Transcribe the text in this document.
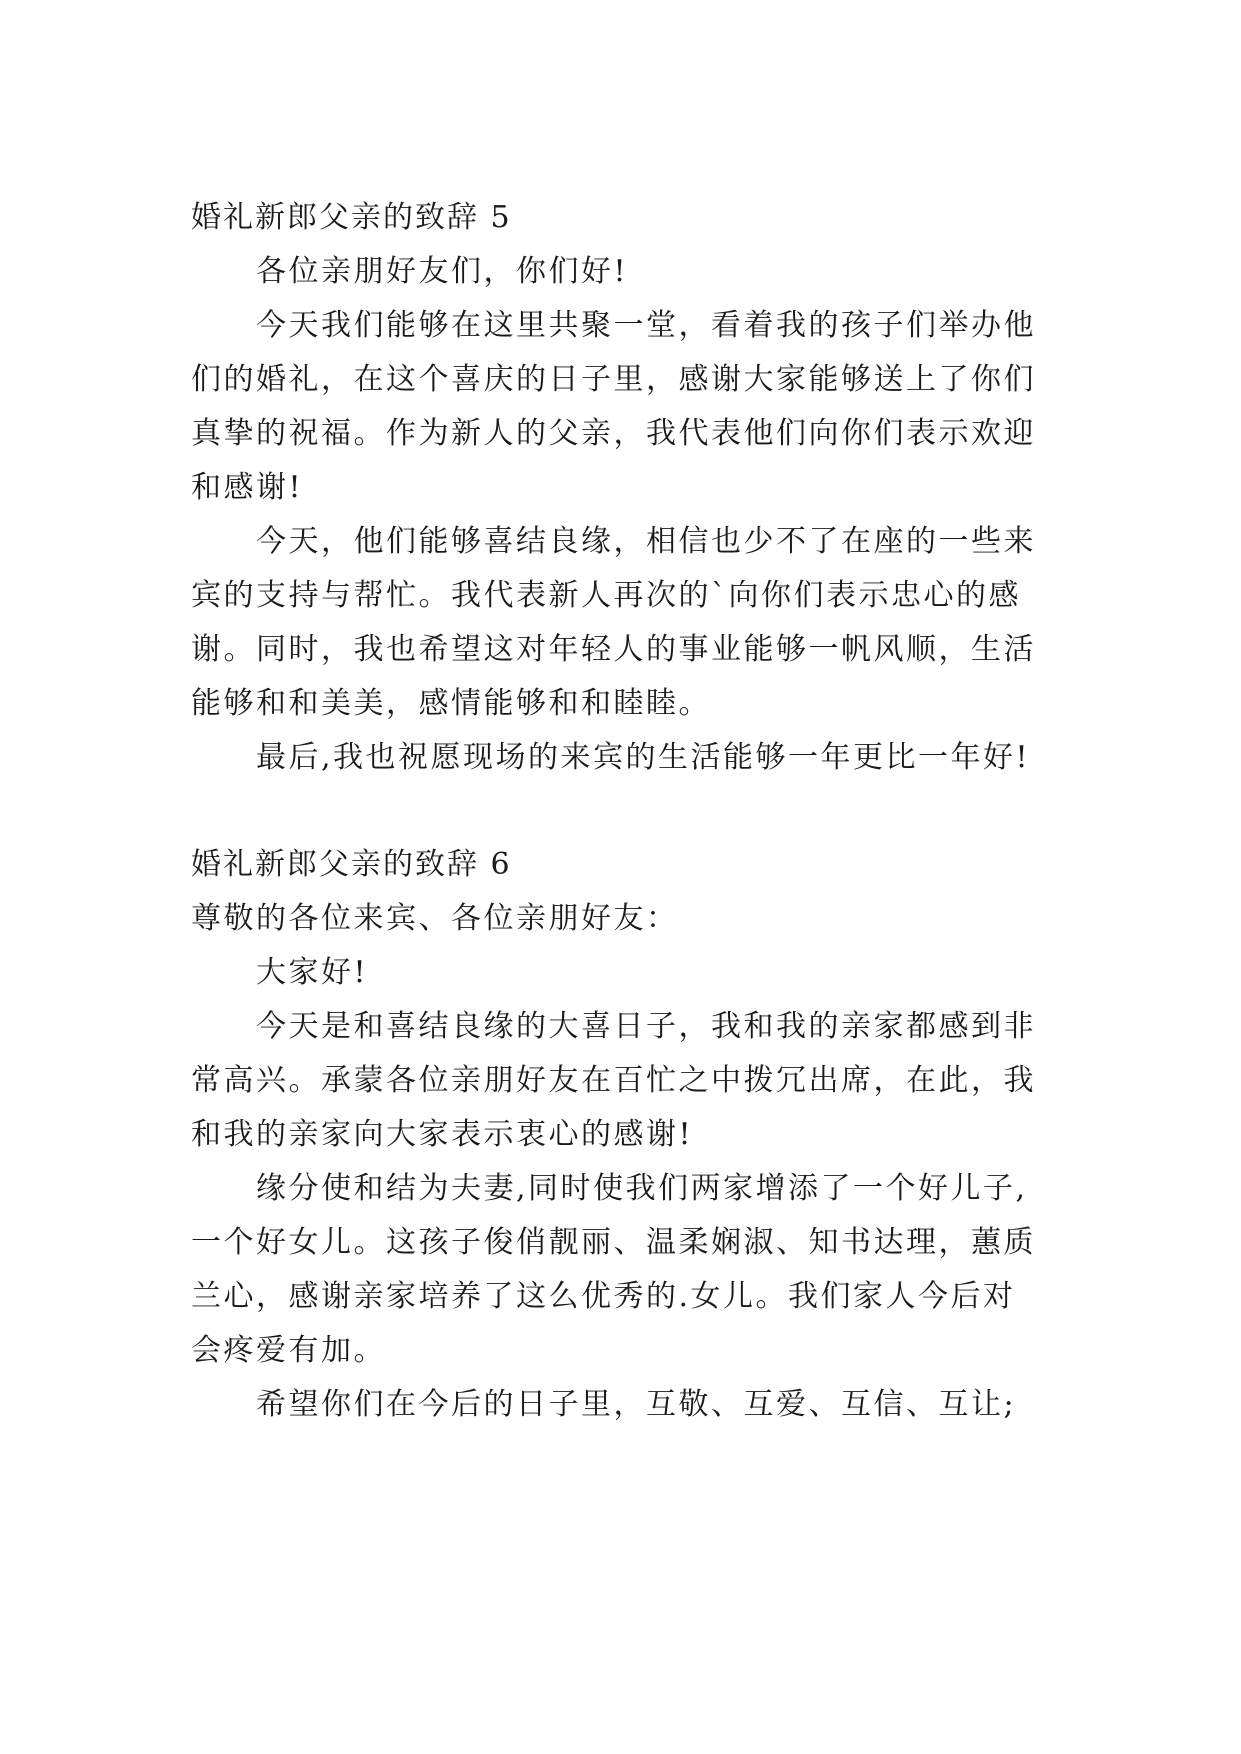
婚礼新郎父亲的致辞 5
各位亲朋好友们，你们好!
今天我们能够在这里共聚一堂，看着我的孩子们举办他
们的婚礼，在这个喜庆的日子里，感谢大家能够送上了你们
真挚的祝福。作为新人的父亲，我代表他们向你们表示欢迎
和感谢!
今天，他们能够喜结良缘，相信也少不了在座的一些来
宾的支持与帮忙。我代表新人再次的`向你们表示忠心的感
谢。同时，我也希望这对年轻人的事业能够一帆风顺，生活
能够和和美美，感情能够和和睦睦。
最后,我也祝愿现场的来宾的生活能够一年更比一年好!
婚礼新郎父亲的致辞 6
尊敬的各位来宾、各位亲朋好友：
大家好!
今天是和喜结良缘的大喜日子，我和我的亲家都感到非
常高兴。承蒙各位亲朋好友在百忙之中拨冗出席，在此，我
和我的亲家向大家表示衷心的感谢!
缘分使和结为夫妻,同时使我们两家增添了一个好儿子,
一个好女儿。这孩子俊俏靓丽、温柔娴淑、知书达理，蕙质
兰心，感谢亲家培养了这么优秀的.女儿。我们家人今后对
会疼爱有加。
希望你们在今后的日子里，互敬、互爱、互信、互让;
